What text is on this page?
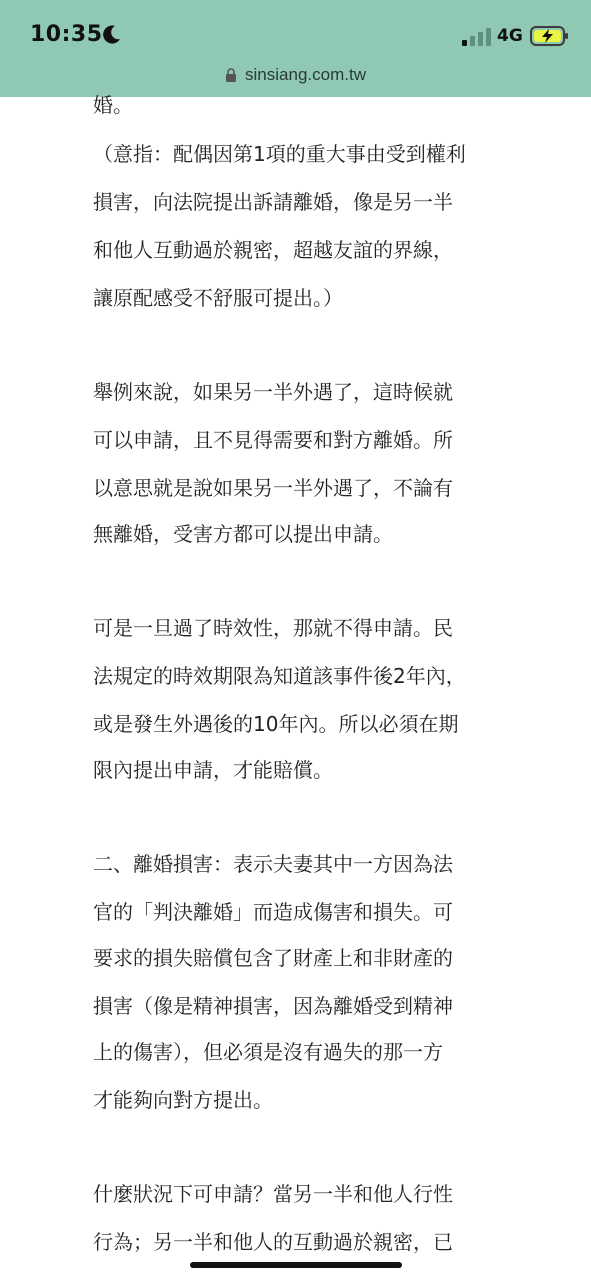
10:35	4G
sinsiang.com.tw
婚。
（意指：配偶因第1項的重大事由受到權利
損害，向法院提出訴請離婚，像是另一半
和他人互動過於親密，超越友誼的界線，
讓原配感受不舒服可提出。）
舉例來說，如果另一半外遇了，這時候就
可以申請，且不見得需要和對方離婚。所
以意思就是說如果另一半外遇了，不論有
無離婚，受害方都可以提出申請。
可是一旦過了時效性，那就不得申請。民
法規定的時效期限為知道該事件後2年內，
或是發生外遇後的10年內。所以必須在期
限內提出申請，才能賠償。
二、離婚損害：表示夫妻其中一方因為法
官的「判決離婚」而造成傷害和損失。可
要求的損失賠償包含了財產上和非財產的
損害（像是精神損害，因為離婚受到精神
上的傷害），但必須是沒有過失的那一方
才能夠向對方提出。
什麼狀況下可申請？當另一半和他人行性
行為；另一半和他人的互動過於親密，已
